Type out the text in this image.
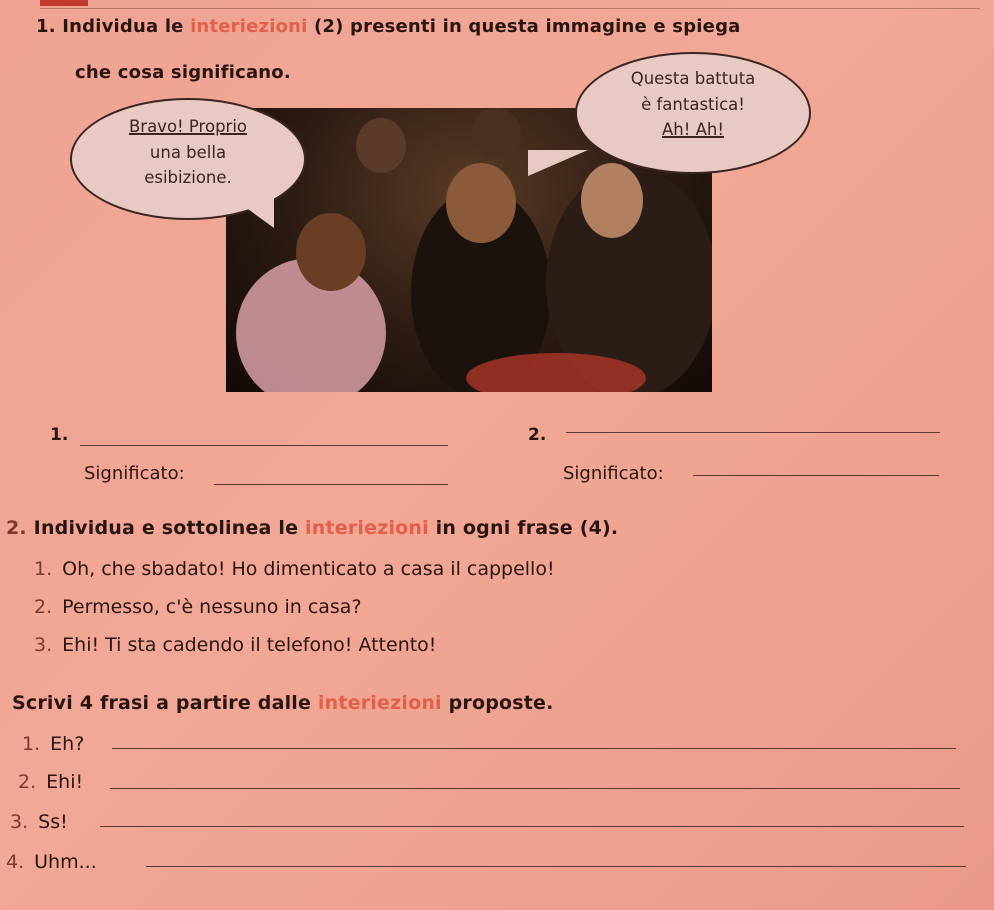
1. Individua le interiezioni (2) presenti in questa immagine e spiega
che cosa significano.
Bravo! Proprio
una bella
esibizione.
Questa battuta
è fantastica!
Ah! Ah!
1.	2.
Significato:	Significato:
2. Individua e sottolinea le interiezioni in ogni frase (4).
1. Oh, che sbadato! Ho dimenticato a casa il cappello!
2. Permesso, c'è nessuno in casa?
3. Ehi! Ti sta cadendo il telefono! Attento!
Scrivi 4 frasi a partire dalle interiezioni proposte.
1. Eh?
2. Ehi!
3. Ss!
4. Uhm...
